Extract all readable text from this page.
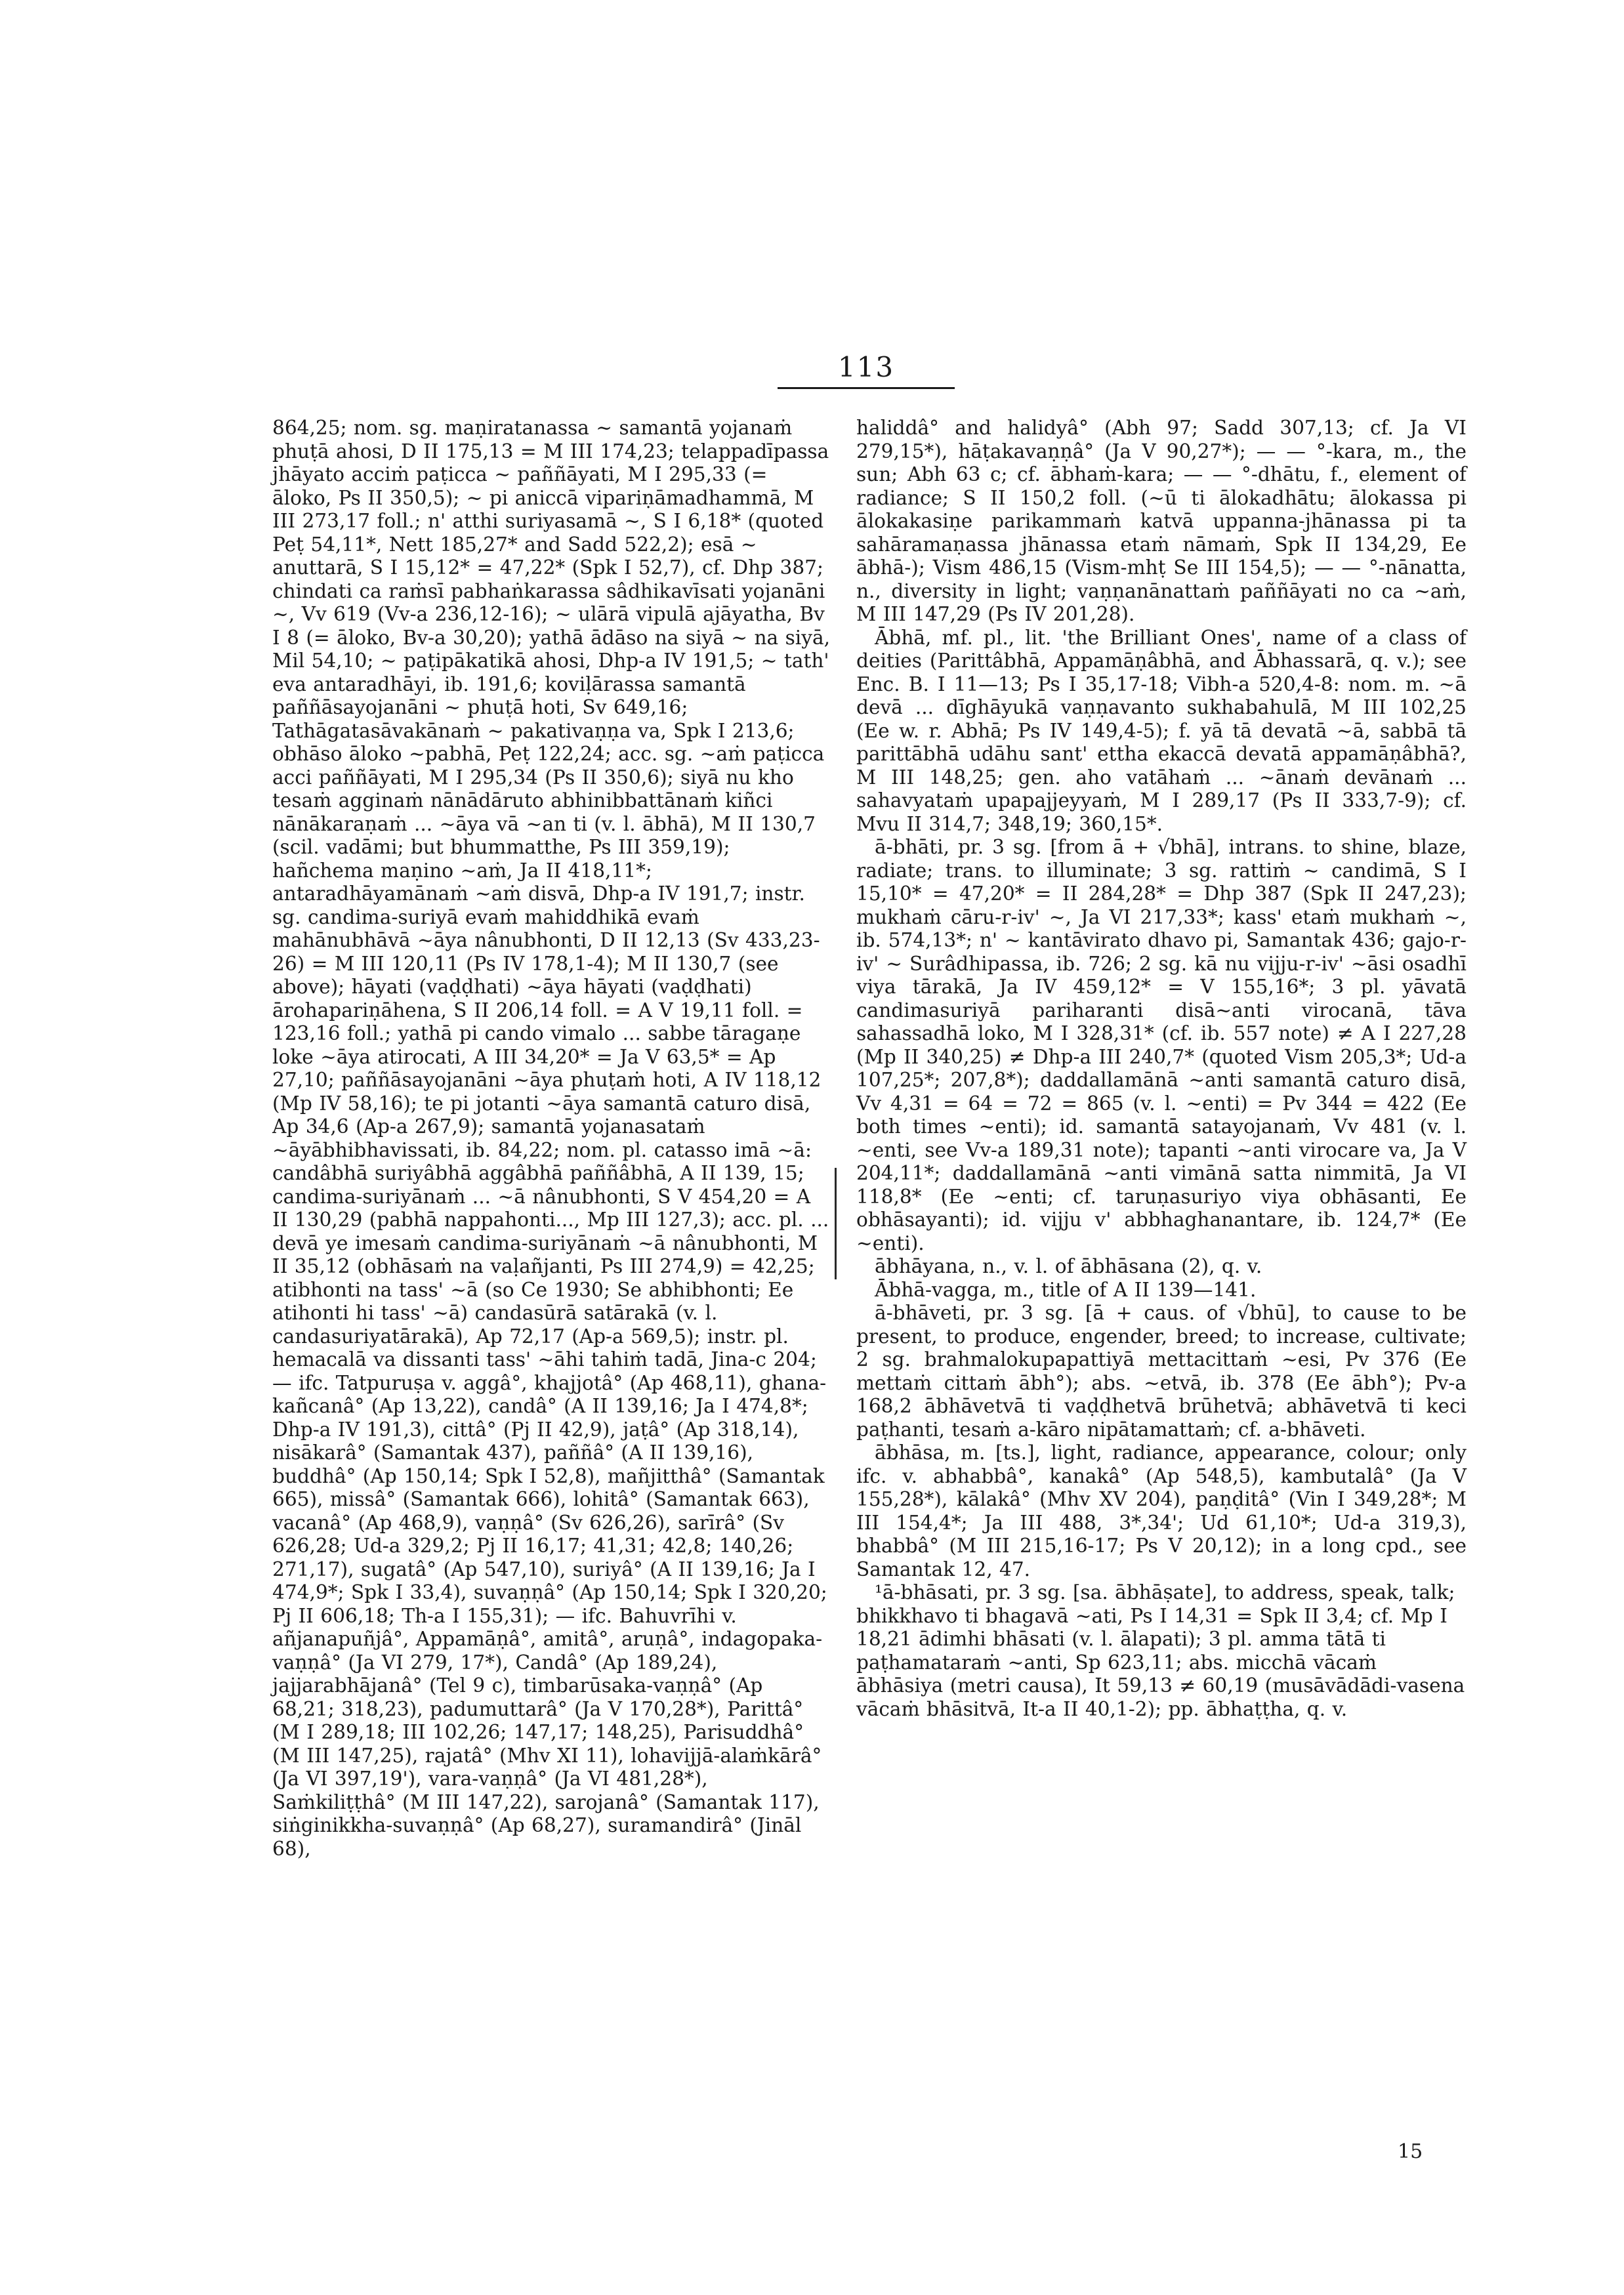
113

864,25; nom. sg. maṇiratanassa ~ samantā yojanaṁ phuṭā ahosi, D II 175,13 = M III 174,23; telappadīpassa jhāyato acciṁ paṭicca ~ paññāyati, M I 295,33 (= āloko, Ps II 350,5); ~ pi aniccā vipariṇāmadhammā, M III 273,17 foll.; n' atthi suriyasamā ~, S I 6,18* (quoted Peṭ 54,11*, Nett 185,27* and Sadd 522,2); esā ~ anuttarā, S I 15,12* = 47,22* (Spk I 52,7), cf. Dhp 387; chindati ca raṁsī pabhaṅkarassa sâdhikavīsati yojanāni ~, Vv 619 (Vv-a 236,12-16); ~ ulārā vipulā ajāyatha, Bv I 8 (= āloko, Bv-a 30,20); yathā ādāso na siyā ~ na siyā, Mil 54,10; ~ paṭipākatikā ahosi, Dhp-a IV 191,5; ~ tath' eva antaradhāyi, ib. 191,6; koviḷārassa samantā paññāsayojanāni ~ phuṭā hoti, Sv 649,16; Tathāgatasāvakānaṁ ~ pakativaṇṇa va, Spk I 213,6; obhāso āloko ~pabhā, Peṭ 122,24; acc. sg. ~aṁ paṭicca acci paññāyati, M I 295,34 (Ps II 350,6); siyā nu kho tesaṁ agginaṁ nānādāruto abhinibbattānaṁ kiñci nānākaraṇaṁ ... ~āya vā ~an ti (v. l. ābhā), M II 130,7 (scil. vadāmi; but bhummatthe, Ps III 359,19); hañchema maṇino ~aṁ, Ja II 418,11*; antaradhāyamānaṁ ~aṁ disvā, Dhp-a IV 191,7; instr. sg. candima-suriyā evaṁ mahiddhikā evaṁ mahānubhāvā ~āya nânubhonti, D II 12,13 (Sv 433,23-26) = M III 120,11 (Ps IV 178,1-4); M II 130,7 (see above); hāyati (vaḍḍhati) ~āya hāyati (vaḍḍhati) ārohapariṇāhena, S II 206,14 foll. = A V 19,11 foll. = 123,16 foll.; yathā pi cando vimalo ... sabbe tāragaṇe loke ~āya atirocati, A III 34,20* = Ja V 63,5* = Ap 27,10; paññāsayojanāni ~āya phuṭaṁ hoti, A IV 118,12 (Mp IV 58,16); te pi jotanti ~āya samantā caturo disā, Ap 34,6 (Ap-a 267,9); samantā yojanasataṁ ~āyābhibhavissati, ib. 84,22; nom. pl. catasso imā ~ā: candâbhā suriyâbhā aggâbhā paññâbhā, A II 139, 15; candima-suriyānaṁ ... ~ā nânubhonti, S V 454,20 = A II 130,29 (pabhā nappahonti..., Mp III 127,3); acc. pl. ... devā ye imesaṁ candima-suriyānaṁ ~ā nânubhonti, M II 35,12 (obhāsaṁ na vaḷañjanti, Ps III 274,9) = 42,25; atibhonti na tass' ~ā (so Ce 1930; Se abhibhonti; Ee atihonti hi tass' ~ā) candasūrā satārakā (v. l. candasuriyatārakā), Ap 72,17 (Ap-a 569,5); instr. pl. hemacalā va dissanti tass' ~āhi tahiṁ tadā, Jina-c 204; — ifc. Tatpuruṣa v. aggâ°, khajjotâ° (Ap 468,11), ghana-kañcanâ° (Ap 13,22), candâ° (A II 139,16; Ja I 474,8*; Dhp-a IV 191,3), cittâ° (Pj II 42,9), jaṭâ° (Ap 318,14), nisākarâ° (Samantak 437), paññâ° (A II 139,16), buddhâ° (Ap 150,14; Spk I 52,8), mañjitthâ° (Samantak 665), missâ° (Samantak 666), lohitâ° (Samantak 663), vacanâ° (Ap 468,9), vaṇṇâ° (Sv 626,26), sarīrâ° (Sv 626,28; Ud-a 329,2; Pj II 16,17; 41,31; 42,8; 140,26; 271,17), sugatâ° (Ap 547,10), suriyâ° (A II 139,16; Ja I 474,9*; Spk I 33,4), suvaṇṇâ° (Ap 150,14; Spk I 320,20; Pj II 606,18; Th-a I 155,31); — ifc. Bahuvrīhi v. añjanapuñjâ°, Appamāṇâ°, amitâ°, aruṇâ°, indagopaka-vaṇṇâ° (Ja VI 279, 17*), Candâ° (Ap 189,24), jajjarabhājanâ° (Tel 9 c), timbarūsaka-vaṇṇâ° (Ap 68,21; 318,23), padumuttarâ° (Ja V 170,28*), Parittâ° (M I 289,18; III 102,26; 147,17; 148,25), Parisuddhâ° (M III 147,25), rajatâ° (Mhv XI 11), lohavijjā-alaṁkārâ° (Ja VI 397,19'), vara-vaṇṇâ° (Ja VI 481,28*), Saṁkiliṭṭhâ° (M III 147,22), sarojanâ° (Samantak 117), siṅginikkha-suvaṇṇâ° (Ap 68,27), suramandirâ° (Jināl 68),

haliddâ° and halidyâ° (Abh 97; Sadd 307,13; cf. Ja VI 279,15*), hāṭakavaṇṇâ° (Ja V 90,27*); — — °-kara, m., the sun; Abh 63 c; cf. ābhaṁ-kara; — — °-dhātu, f., element of radiance; S II 150,2 foll. (~ū ti ālokadhātu; ālokassa pi ālokakasiṇe parikammaṁ katvā uppanna-jhānassa pi ta sahāramaṇassa jhānassa etaṁ nāmaṁ, Spk II 134,29, Ee ābhā-); Vism 486,15 (Vism-mhṭ Se III 154,5); — — °-nānatta, n., diversity in light; vaṇṇanānattaṁ paññāyati no ca ~aṁ, M III 147,29 (Ps IV 201,28).

Ābhā, mf. pl., lit. 'the Brilliant Ones', name of a class of deities (Parittâbhā, Appamāṇâbhā, and Ābhassarā, q. v.); see Enc. B. I 11—13; Ps I 35,17-18; Vibh-a 520,4-8: nom. m. ~ā devā ... dīghāyukā vaṇṇavanto sukhabahulā, M III 102,25 (Ee w. r. Abhā; Ps IV 149,4-5); f. yā tā devatā ~ā, sabbā tā parittābhā udāhu sant' ettha ekaccā devatā appamāṇâbhā?, M III 148,25; gen. aho vatāhaṁ ... ~ānaṁ devānaṁ ... sahavyataṁ upapajjeyyaṁ, M I 289,17 (Ps II 333,7-9); cf. Mvu II 314,7; 348,19; 360,15*.

ā-bhāti, pr. 3 sg. [from ā + √bhā], intrans. to shine, blaze, radiate; trans. to illuminate; 3 sg. rattiṁ ~ candimā, S I 15,10* = 47,20* = II 284,28* = Dhp 387 (Spk II 247,23); mukhaṁ cāru-r-iv' ~, Ja VI 217,33*; kass' etaṁ mukhaṁ ~, ib. 574,13*; n' ~ kantāvirato dhavo pi, Samantak 436; gajo-r-iv' ~ Surâdhipassa, ib. 726; 2 sg. kā nu vijju-r-iv' ~āsi osadhī viya tārakā, Ja IV 459,12* = V 155,16*; 3 pl. yāvatā candimasuriyā pariharanti disā~anti virocanā, tāva sahassadhā loko, M I 328,31* (cf. ib. 557 note) ≠ A I 227,28 (Mp II 340,25) ≠ Dhp-a III 240,7* (quoted Vism 205,3*; Ud-a 107,25*; 207,8*); daddallamānā ~anti samantā caturo disā, Vv 4,31 = 64 = 72 = 865 (v. l. ~enti) = Pv 344 = 422 (Ee both times ~enti); id. samantā satayojanaṁ, Vv 481 (v. l. ~enti, see Vv-a 189,31 note); tapanti ~anti virocare va, Ja V 204,11*; daddallamānā ~anti vimānā satta nimmitā, Ja VI 118,8* (Ee ~enti; cf. taruṇasuriyo viya obhāsanti, Ee obhāsayanti); id. vijju v' abbhaghanantare, ib. 124,7* (Ee ~enti).

ābhāyana, n., v. l. of ābhāsana (2), q. v.

Ābhā-vagga, m., title of A II 139—141.

ā-bhāveti, pr. 3 sg. [ā + caus. of √bhū], to cause to be present, to produce, engender, breed; to increase, cultivate; 2 sg. brahmalokupapattiyā mettacittaṁ ~esi, Pv 376 (Ee mettaṁ cittaṁ ābh°); abs. ~etvā, ib. 378 (Ee ābh°); Pv-a 168,2 ābhāvetvā ti vaḍḍhetvā brūhetvā; abhāvetvā ti keci paṭhanti, tesaṁ a-kāro nipātamattaṁ; cf. a-bhāveti.

ābhāsa, m. [ts.], light, radiance, appearance, colour; only ifc. v. abhabbâ°, kanakâ° (Ap 548,5), kambutalâ° (Ja V 155,28*), kālakâ° (Mhv XV 204), paṇḍitâ° (Vin I 349,28*; M III 154,4*; Ja III 488, 3*,34'; Ud 61,10*; Ud-a 319,3), bhabbâ° (M III 215,16-17; Ps V 20,12); in a long cpd., see Samantak 12, 47.

¹ā-bhāsati, pr. 3 sg. [sa. ābhāṣate], to address, speak, talk; bhikkhavo ti bhagavā ~ati, Ps I 14,31 = Spk II 3,4; cf. Mp I 18,21 ādimhi bhāsati (v. l. ālapati); 3 pl. amma tātā ti paṭhamataraṁ ~anti, Sp 623,11; abs. micchā vācaṁ ābhāsiya (metri causa), It 59,13 ≠ 60,19 (musāvādādi-vasena vācaṁ bhāsitvā, It-a II 40,1-2); pp. ābhaṭṭha, q. v.

15
